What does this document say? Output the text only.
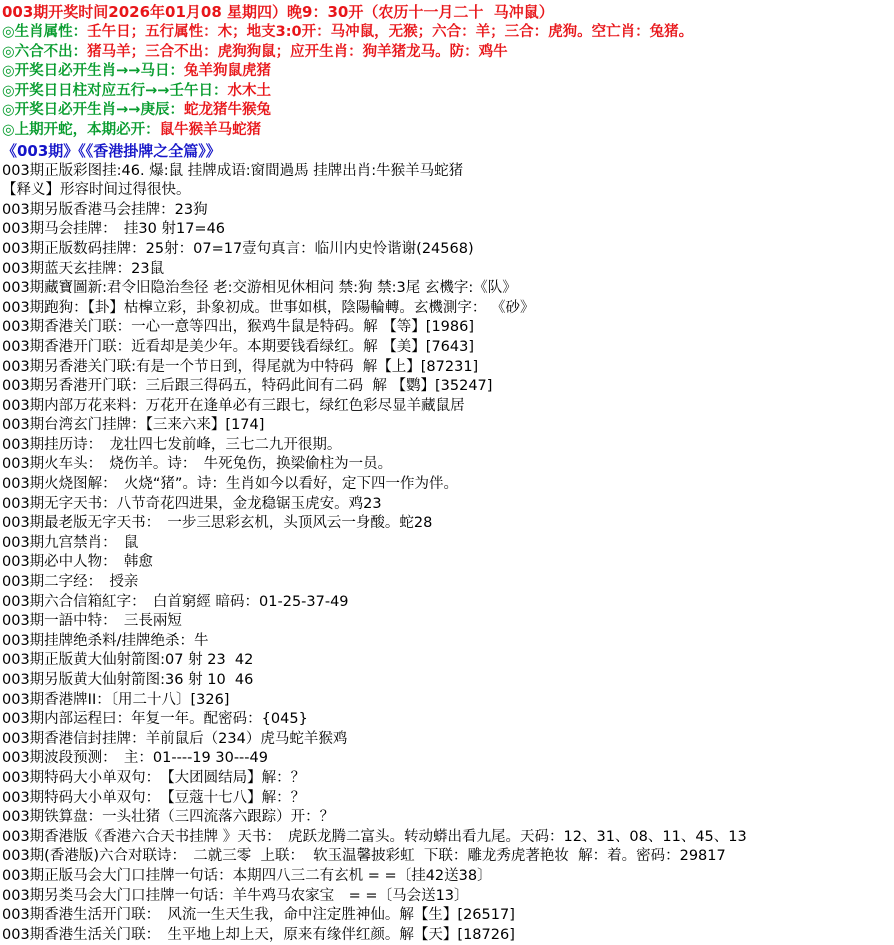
003期开奖时间2026年01月08 星期四）晚9：30开（农历十一月二十  马冲鼠）
◎生肖属性：壬午日；五行属性：木；地支3:0开：马冲鼠，无猴；六合：羊；三合：虎狗。空亡肖：兔猪。
◎六合不出：猪马羊；三合不出：虎狗狗鼠；应开生肖：狗羊猪龙马。防：鸡牛
◎开奖日必开生肖→→马日：兔羊狗鼠虎猪
◎开奖日日柱对应五行→→壬午日：水木土
◎开奖日必开生肖→→庚辰：蛇龙猪牛猴兔
◎上期开蛇，本期必开：鼠牛猴羊马蛇猪
《003期》《《香港掛牌之全篇》》
003期正版彩图挂:46. 爆:鼠 挂牌成语:窗間過馬 挂牌出肖:牛猴羊马蛇猪
【释义】形容时间过得很快。
003期另版香港马会挂牌：23狗
003期马会挂牌：　挂30 射17=46
003期正版数码挂牌：25射：07=17壹句真言：临川内史怜谐谢(24568)
003期蓝天玄挂牌：23鼠
003期藏寶圖新:君令旧隐治叁径 老:交游相见休相问 禁:狗 禁:3尾 玄機字:《队》
003期跑狗：【卦】枯槹立彩，卦象初成。世事如棋，陰陽輪轉。玄機測字： 《砂》
003期香港关门联：一心一意等四出，猴鸡牛鼠是特码。解 【等】[1986]
003期香港开门联：近看却是美少年。本期要钱看绿红。解 【美】[7643]
003期另香港关门联:有是一个节日到，得尾就为中特码  解【上】[87231]
003期另香港开门联：三后跟三得码五，特码此间有二码  解 【鹦】[35247]
003期内部万花来料：万花开在逢单必有三跟七，绿红色彩尽显羊藏鼠居
003期台湾玄门挂牌：【三来六来】[174]
003期挂历诗：　龙壮四七发前峰，三七二九开很期。
003期火车头：　烧伤羊。诗：　牛死兔伤，换梁偷柱为一员。
003期火烧图解：　火烧“猪”。诗：生肖如今以看好，定下四一作为伴。
003期无字天书：八节奇花四进果，金龙稳锯玉虎安。鸡23
003期最老版无字天书：　一步三思彩玄机，头顶风云一身酸。蛇28
003期九宫禁肖：　鼠
003期必中人物：　韩愈
003期二字经：　授亲
003期六合信箱紅字：　白首窮經 暗码：01-25-37-49
003期一語中特：　三長兩短
003期挂牌绝杀料/挂牌绝杀：牛
003期正版黄大仙射箭图:07 射 23  42
003期另版黄大仙射箭图:36 射 10  46
003期香港牌II：〔用二十八〕[326]
003期内部运程曰：年复一年。配密码：{045}
003期香港信封挂牌：羊前鼠后（234）虎马蛇羊猴鸡
003期波段预测：　主：01----19 30---49
003期特码大小单双句：　【大团圆结局】解：？
003期特码大小单双句：　【豆蔻十七八】解：？
003期铁算盘：一头壮猪（三四流落六跟踪）开：？
003期香港版《香港六合天书挂牌 》天书：　虎跃龙腾二富头。转动蟒出看九尾。天码：12、31、08、11、45、13
003期(香港版)六合对联诗：　二就三零  上联：  软玉温馨披彩虹  下联：雕龙秀虎著艳妆  解：着。密码：29817
003期正版马会大门口挂牌一句话：本期四八三二有玄机 = =〔挂42送38〕
003期另类马会大门口挂牌一句话：羊牛鸡马农家宝　= =〔马会送13〕
003期香港生活开门联：　风流一生天生我，命中注定胜神仙。解【生】[26517]
003期香港生活关门联：　生平地上却上天，原来有缘伴红颜。解【天】[18726]
